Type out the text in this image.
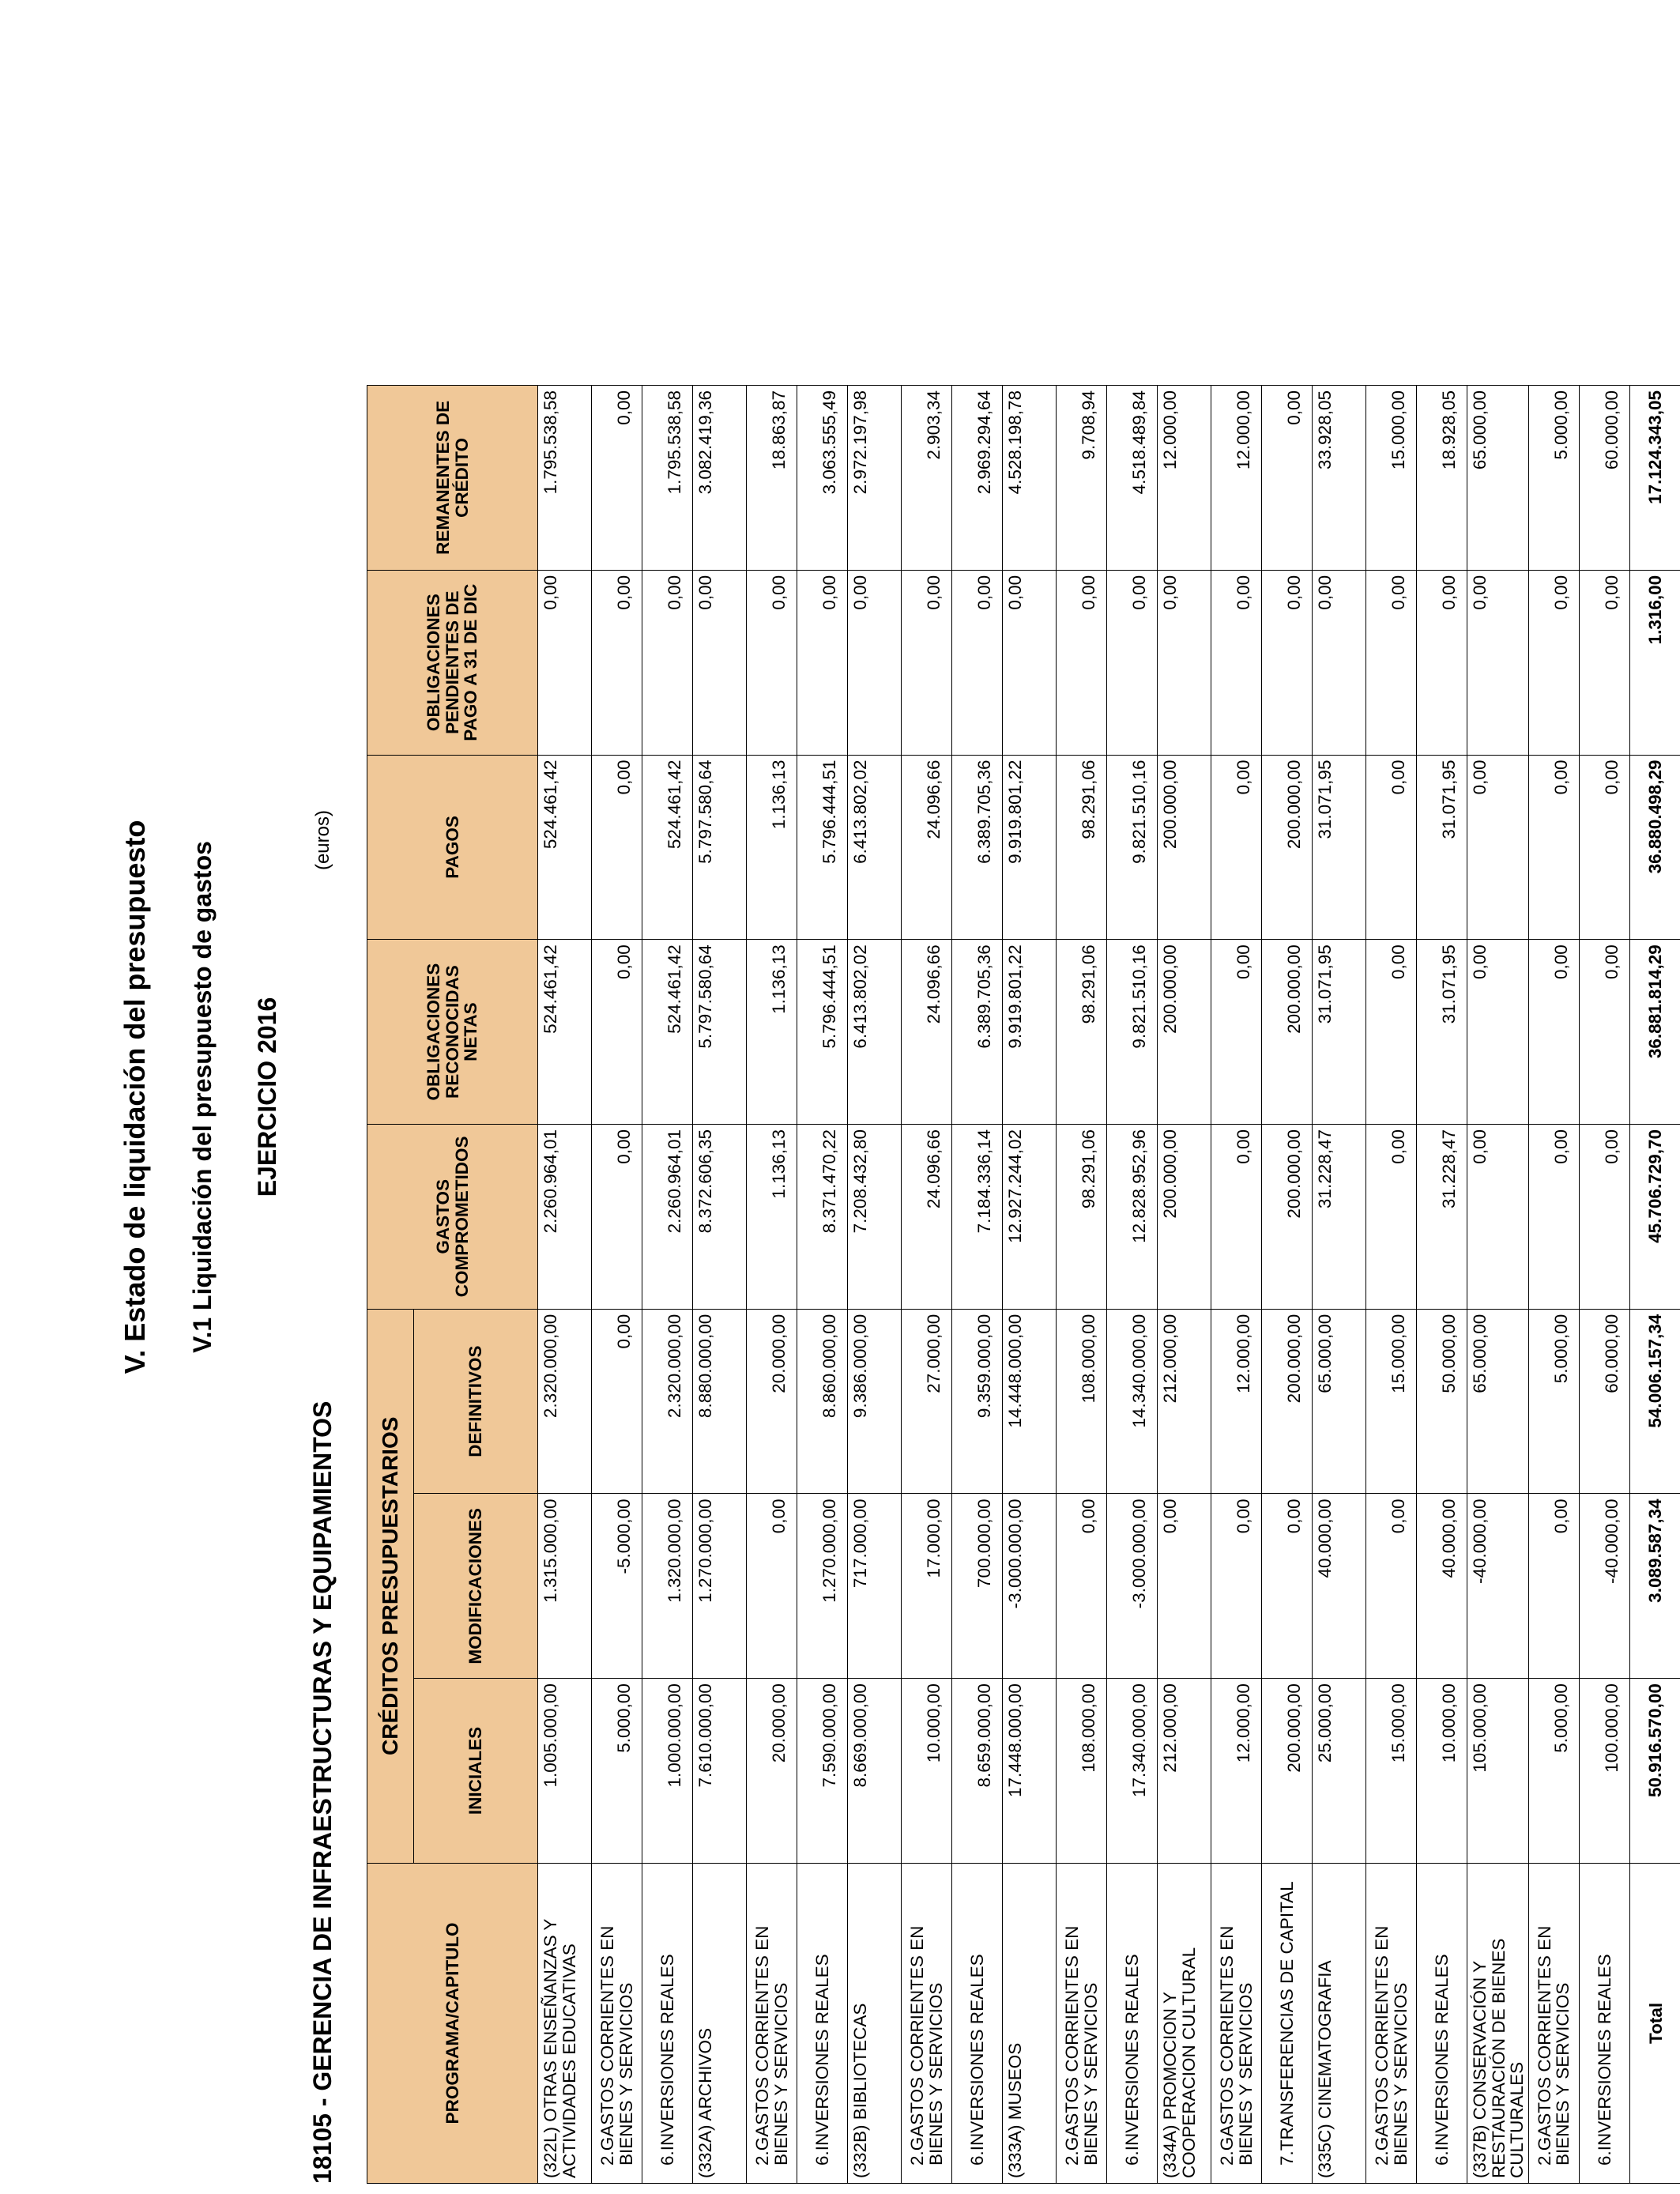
V. Estado de liquidación del presupuesto V.1 Liquidación del presupuesto de gastos EJERCICIO 2016
18105 - GERENCIA DE INFRAESTRUCTURAS Y EQUIPAMIENTOS
(euros)
PROGRAMA/CAPITULO	CRÉDITOS PRESUPUESTARIOS			GASTOS COMPROMETIDOS	OBLIGACIONES RECONOCIDAS NETAS	PAGOS	OBLIGACIONES PENDIENTES DE PAGO A 31 DE DIC	REMANENTES DE CRÉDITO
	INICIALES	MODIFICACIONES	DEFINITIVOS					
(322L) OTRAS ENSEÑANZAS Y ACTIVIDADES EDUCATIVAS	1.005.000,00	1.315.000,00	2.320.000,00	2.260.964,01	524.461,42	524.461,42	0,00	1.795.538,58
2.GASTOS CORRIENTES EN BIENES Y SERVICIOS	5.000,00	-5.000,00	0,00	0,00	0,00	0,00	0,00	0,00
6.INVERSIONES REALES	1.000.000,00	1.320.000,00	2.320.000,00	2.260.964,01	524.461,42	524.461,42	0,00	1.795.538,58
(332A) ARCHIVOS	7.610.000,00	1.270.000,00	8.880.000,00	8.372.606,35	5.797.580,64	5.797.580,64	0,00	3.082.419,36
2.GASTOS CORRIENTES EN BIENES Y SERVICIOS	20.000,00	0,00	20.000,00	1.136,13	1.136,13	1.136,13	0,00	18.863,87
6.INVERSIONES REALES	7.590.000,00	1.270.000,00	8.860.000,00	8.371.470,22	5.796.444,51	5.796.444,51	0,00	3.063.555,49
(332B) BIBLIOTECAS	8.669.000,00	717.000,00	9.386.000,00	7.208.432,80	6.413.802,02	6.413.802,02	0,00	2.972.197,98
2.GASTOS CORRIENTES EN BIENES Y SERVICIOS	10.000,00	17.000,00	27.000,00	24.096,66	24.096,66	24.096,66	0,00	2.903,34
6.INVERSIONES REALES	8.659.000,00	700.000,00	9.359.000,00	7.184.336,14	6.389.705,36	6.389.705,36	0,00	2.969.294,64
(333A) MUSEOS	17.448.000,00	-3.000.000,00	14.448.000,00	12.927.244,02	9.919.801,22	9.919.801,22	0,00	4.528.198,78
2.GASTOS CORRIENTES EN BIENES Y SERVICIOS	108.000,00	0,00	108.000,00	98.291,06	98.291,06	98.291,06	0,00	9.708,94
6.INVERSIONES REALES	17.340.000,00	-3.000.000,00	14.340.000,00	12.828.952,96	9.821.510,16	9.821.510,16	0,00	4.518.489,84
(334A) PROMOCION Y COOPERACION CULTURAL	212.000,00	0,00	212.000,00	200.000,00	200.000,00	200.000,00	0,00	12.000,00
2.GASTOS CORRIENTES EN BIENES Y SERVICIOS	12.000,00	0,00	12.000,00	0,00	0,00	0,00	0,00	12.000,00
7.TRANSFERENCIAS DE CAPITAL	200.000,00	0,00	200.000,00	200.000,00	200.000,00	200.000,00	0,00	0,00
(335C) CINEMATOGRAFIA	25.000,00	40.000,00	65.000,00	31.228,47	31.071,95	31.071,95	0,00	33.928,05
2.GASTOS CORRIENTES EN BIENES Y SERVICIOS	15.000,00	0,00	15.000,00	0,00	0,00	0,00	0,00	15.000,00
6.INVERSIONES REALES	10.000,00	40.000,00	50.000,00	31.228,47	31.071,95	31.071,95	0,00	18.928,05
(337B) CONSERVACIÓN Y RESTAURACIÓN DE BIENES CULTURALES	105.000,00	-40.000,00	65.000,00	0,00	0,00	0,00	0,00	65.000,00
2.GASTOS CORRIENTES EN BIENES Y SERVICIOS	5.000,00	0,00	5.000,00	0,00	0,00	0,00	0,00	5.000,00
6.INVERSIONES REALES	100.000,00	-40.000,00	60.000,00	0,00	0,00	0,00	0,00	60.000,00
Total	50.916.570,00	3.089.587,34	54.006.157,34	45.706.729,70	36.881.814,29	36.880.498,29	1.316,00	17.124.343,05
